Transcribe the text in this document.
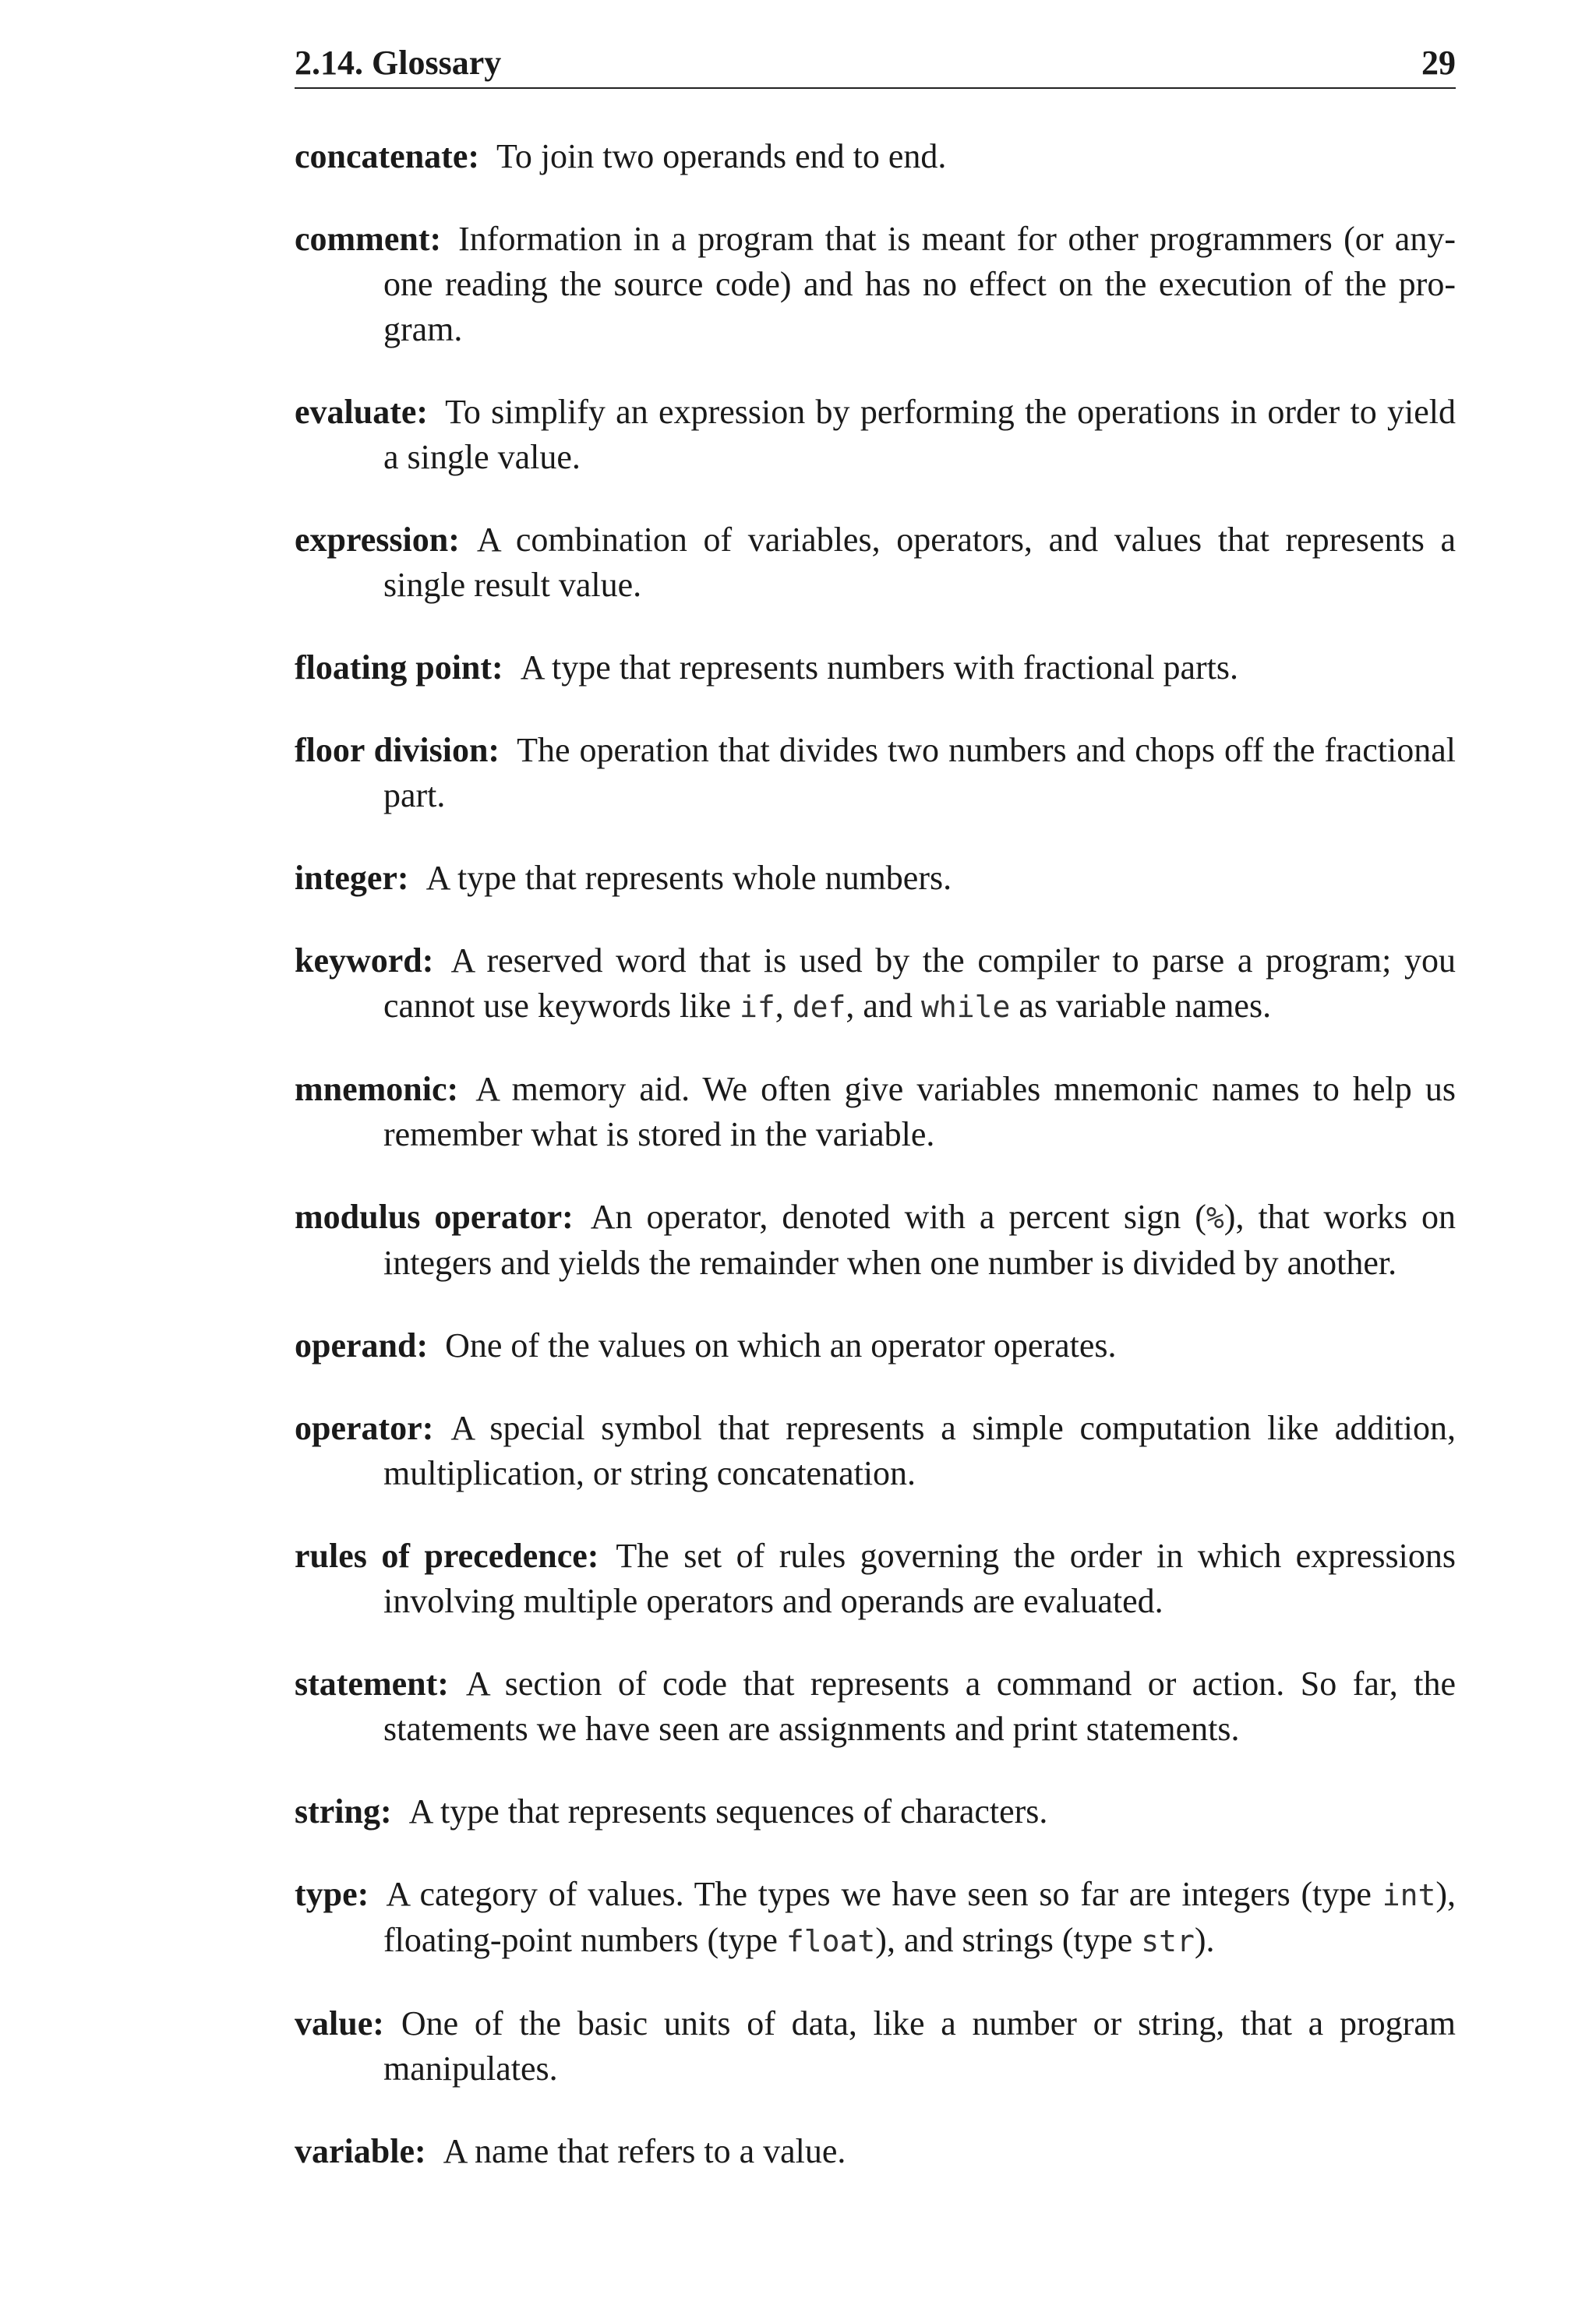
2.14. Glossary	29

concatenate:  To join two operands end to end.

comment:  Information in a program that is meant for other programmers (or anyone reading the source code) and has no effect on the execution of the program.

evaluate:  To simplify an expression by performing the operations in order to yield a single value.

expression:  A combination of variables, operators, and values that represents a single result value.

floating point:  A type that represents numbers with fractional parts.

floor division:  The operation that divides two numbers and chops off the fractional part.

integer:  A type that represents whole numbers.

keyword:  A reserved word that is used by the compiler to parse a program; you cannot use keywords like if, def, and while as variable names.

mnemonic:  A memory aid. We often give variables mnemonic names to help us remember what is stored in the variable.

modulus operator:  An operator, denoted with a percent sign (%), that works on integers and yields the remainder when one number is divided by another.

operand:  One of the values on which an operator operates.

operator:  A special symbol that represents a simple computation like addition, multiplication, or string concatenation.

rules of precedence:  The set of rules governing the order in which expressions involving multiple operators and operands are evaluated.

statement:  A section of code that represents a command or action. So far, the statements we have seen are assignments and print statements.

string:  A type that represents sequences of characters.

type:  A category of values. The types we have seen so far are integers (type int), floating-point numbers (type float), and strings (type str).

value:  One of the basic units of data, like a number or string, that a program manipulates.

variable:  A name that refers to a value.
